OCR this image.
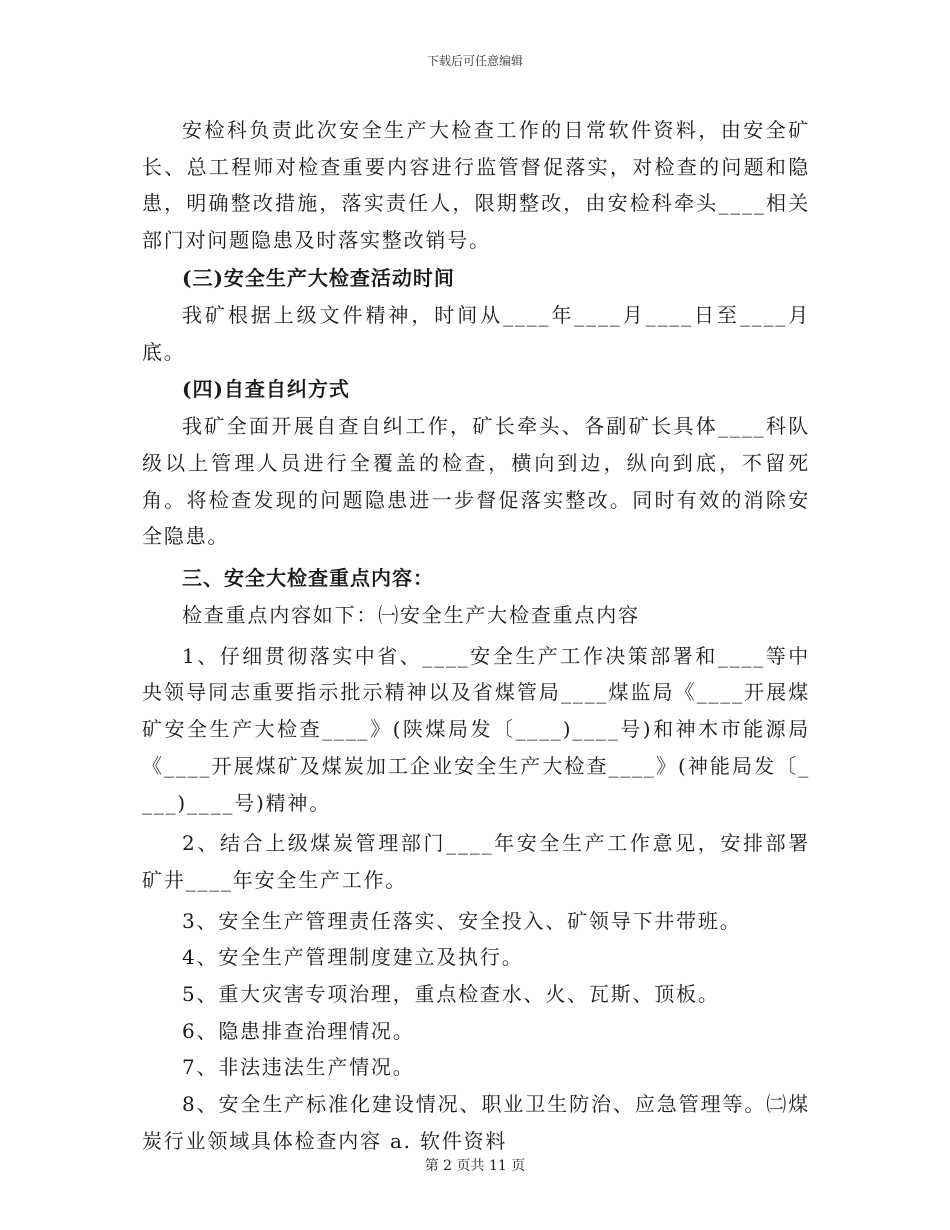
下载后可任意编辑

安检科负责此次安全生产大检查工作的日常软件资料，由安全矿长、总工程师对检查重要内容进行监管督促落实，对检查的问题和隐患，明确整改措施，落实责任人，限期整改，由安检科牵头____相关部门对问题隐患及时落实整改销号。

(三)安全生产大检查活动时间

我矿根据上级文件精神，时间从____年____月____日至____月底。

(四)自查自纠方式

我矿全面开展自查自纠工作，矿长牵头、各副矿长具体____科队级以上管理人员进行全覆盖的检查，横向到边，纵向到底，不留死角。将检查发现的问题隐患进一步督促落实整改。同时有效的消除安全隐患。

三、安全大检查重点内容：

检查重点内容如下：㈠安全生产大检查重点内容

1、仔细贯彻落实中省、____安全生产工作决策部署和____等中央领导同志重要指示批示精神以及省煤管局____煤监局《____开展煤矿安全生产大检查____》(陕煤局发〔____)____号)和神木市能源局《____开展煤矿及煤炭加工企业安全生产大检查____》(神能局发〔____)____号)精神。

2、结合上级煤炭管理部门____年安全生产工作意见，安排部署矿井____年安全生产工作。

3、安全生产管理责任落实、安全投入、矿领导下井带班。

4、安全生产管理制度建立及执行。

5、重大灾害专项治理，重点检查水、火、瓦斯、顶板。

6、隐患排查治理情况。

7、非法违法生产情况。

8、安全生产标准化建设情况、职业卫生防治、应急管理等。㈡煤炭行业领域具体检查内容 a. 软件资料

第 2 页共 11 页
